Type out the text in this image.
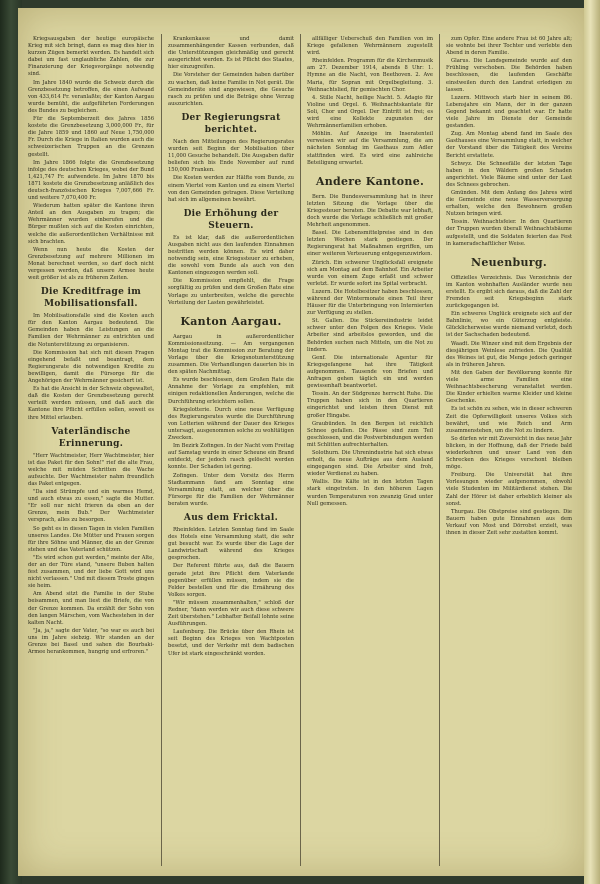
Kriegsausgaben der heutige europäische Krieg mit sich bringt, dann es mag dies hier in kurzen Zügen bemerkt werden. Es handelt sich dabei um fast unglaubliche Zahlen, die zur Finanzierung der Kriegsvorgänge notwendig sind.

Im Jahre 1840 wurde die Schweiz durch die Grenzbesetzung betroffen, die einen Aufwand von 433,614 Fr. veranlaßte; der Kanton Aargau wurde bemüht, die aufgeführten Forderungen des Bundes zu begleichen.

Für die Septemberzeit des Jahres 1856 kostete die Grenzbesetzung 3,000,000 Fr., für die Jahre 1859 und 1860 auf Neue 1,750,000 Fr. Durch die Kriege in Italien wurden auch die schweizerischen Truppen an die Grenzen gestellt.

Im Jahre 1866 folgte die Grenzbesetzung infolge des deutschen Krieges, wobei der Bund 1,421,747 Fr. aufwendete. Im Jahre 1870 bis 1871 kostete die Grenzbesetzung anläßlich des deutsch-französischen Krieges 7,007,666 Fr. und weitere 7,070,400 Fr.

Wiederum hatten später die Kantone ihren Anteil an den Ausgaben zu tragen; die Wehrmänner wurden einberufen und die Bürger mußten sich auf die Kosten einrichten, welche die außerordentlichen Verhältnisse mit sich brachten.

Wenn nun heute die Kosten der Grenzbesetzung auf mehrere Millionen im Monat berechnet werden, so darf doch nicht vergessen werden, daß unsere Armee heute weit größer ist als zu früheren Zeiten.

Die Kreditfrage im Mobilisationsfall.

Im Mobilisationsfalle sind die Kosten auch für den Kanton Aargau bedeutend. Die Gemeinden haben die Leistungen an die Familien der Wehrmänner zu entrichten und die Notunterstützung zu organisieren.

Die Kommission hat sich mit diesen Fragen eingehend befaßt und beantragt, dem Regierungsrate die notwendigen Kredite zu bewilligen, damit die Fürsorge für die Angehörigen der Wehrmänner gesichert ist.

Es hat die Ansicht in der Schweiz obgewaltet, daß die Kosten der Grenzbesetzung gerecht verteilt werden müssen, und daß auch die Kantone ihre Pflicht erfüllen sollen, soweit es ihre Mittel erlauben.

Vaterländische Erinnerung.

"Herr Wachtmeister, Herr Wachtmeister, hier ist das Paket für den Sohn!" rief die alte Frau, welche mit müden Schritten die Wache aufsuchte. Der Wachtmeister nahm freundlich das Paket entgegen.

"Da sind Strümpfe und ein warmes Hemd, und auch etwas zu essen," sagte die Mutter. "Er soll nur nicht frieren da oben an der Grenze, mein Bub." Der Wachtmeister versprach, alles zu besorgen.

So geht es in diesen Tagen in vielen Familien unseres Landes. Die Mütter und Frauen sorgen für ihre Söhne und Männer, die an der Grenze stehen und das Vaterland schützen.

"Es wird schon gut werden," meinte der Alte, der an der Türe stand, "unsere Buben halten fest zusammen, und der liebe Gott wird uns nicht verlassen." Und mit diesem Troste gingen sie heim.

Am Abend sitzt die Familie in der Stube beisammen, und man liest die Briefe, die von der Grenze kommen. Da erzählt der Sohn von den langen Märschen, vom Wachestehen in der kalten Nacht.

"Ja, ja," sagte der Vater, "so war es auch bei uns im Jahre siebzig. Wir standen an der Grenze bei Basel und sahen die Bourbaki-Armee herankommen, hungrig und erfroren."

Krankenkasse und damit zusammenhängender Kassen verbunden, daß die Unterstützungen gleichmäßig und gerecht ausgerichtet werden. Es ist Pflicht des Staates, hier einzugreifen.

Die Vorsteher der Gemeinden haben darüber zu wachen, daß keine Familie in Not gerät. Die Gemeinderäte sind angewiesen, die Gesuche rasch zu prüfen und die Beträge ohne Verzug auszurichten.

Der Regierungsrat berichtet.

Nach den Mitteilungen des Regierungsrates wurden seit Beginn der Mobilisation über 11,000 Gesuche behandelt. Die Ausgaben dafür beliefen sich bis Ende November auf rund 150,000 Franken.

Die Kosten werden zur Hälfte vom Bunde, zu einem Viertel vom Kanton und zu einem Viertel von den Gemeinden getragen. Diese Verteilung hat sich im allgemeinen bewährt.

Die Erhöhung der Steuern.

Es ist klar, daß die außerordentlichen Ausgaben nicht aus den laufenden Einnahmen bestritten werden können. Es wird daher notwendig sein, eine Kriegssteuer zu erheben, die sowohl vom Bunde als auch von den Kantonen eingezogen werden soll.

Die Kommission empfiehlt, die Frage sorgfältig zu prüfen und dem Großen Rate eine Vorlage zu unterbreiten, welche die gerechte Verteilung der Lasten gewährleistet.

Kanton Aargau.

Aargau in außerordentlicher Kommissionssitzung. — Am vergangenen Montag trat die Kommission zur Beratung der Vorlage über die Kriegsnotunterstützung zusammen. Die Verhandlungen dauerten bis in den späten Nachmittag.

Es wurde beschlossen, dem Großen Rate die Annahme der Vorlage zu empfehlen, mit einigen redaktionellen Änderungen, welche die Durchführung erleichtern sollen.

Kriegslotterie. Durch eine neue Verfügung des Regierungsrates wurde die Durchführung von Lotterien während der Dauer des Krieges untersagt, ausgenommen solche zu wohltätigen Zwecken.

Im Bezirk Zofingen. In der Nacht vom Freitag auf Samstag wurde in einer Scheune ein Brand entdeckt, der jedoch rasch gelöscht werden konnte. Der Schaden ist gering.

Zofingen. Unter dem Vorsitz des Herrn Stadtammann fand am Sonntag eine Versammlung statt, an welcher über die Fürsorge für die Familien der Wehrmänner beraten wurde.

Aus dem Fricktal.

Rheinfelden. Letzten Sonntag fand im Saale des Hotels eine Versammlung statt, die sehr gut besucht war. Es wurde über die Lage der Landwirtschaft während des Krieges gesprochen.

Der Referent führte aus, daß die Bauern gerade jetzt ihre Pflicht dem Vaterlande gegenüber erfüllen müssen, indem sie die Felder bestellen und für die Ernährung des Volkes sorgen.

"Wir müssen zusammenhalten," schloß der Redner, "dann werden wir auch diese schwere Zeit überstehen." Lebhafter Beifall lohnte seine Ausführungen.

Laufenburg. Die Brücke über den Rhein ist seit Beginn des Krieges von Wachtposten besetzt, und der Verkehr mit dem badischen Ufer ist stark eingeschränkt worden.

allfälliger Ueberschuß den Familien von im Kriege gefallenen Wehrmännern zugestellt wird.

Rheinfelden. Programm für die Kirchenmusik am 27. Dezember 1914, abends 8 Uhr: 1. Hymne an die Nacht, von Beethoven. 2. Ave Maria, für Sopran mit Orgelbegleitung. 3. Weihnachtslied, für gemischten Chor.

4. Stille Nacht, heilige Nacht. 5. Adagio für Violine und Orgel. 6. Weihnachtskantate für Soli, Chor und Orgel. Der Eintritt ist frei; es wird eine Kollekte zugunsten der Wehrmännerfamilien erhoben.

Möhlin. Auf Anzeige im Inseratenteil verweisen wir auf die Versammlung, die am nächsten Sonntag im Gasthaus zum Adler stattfinden wird. Es wird eine zahlreiche Beteiligung erwartet.

Andere Kantone.

Bern. Die Bundesversammlung hat in ihrer letzten Sitzung die Vorlage über die Kriegssteuer beraten. Die Debatte war lebhaft, doch wurde die Vorlage schließlich mit großer Mehrheit angenommen.

Basel. Die Lebensmittelpreise sind in den letzten Wochen stark gestiegen. Der Regierungsrat hat Maßnahmen ergriffen, um einer weiteren Verteuerung entgegenzuwirken.

Zürich. Ein schwerer Unglücksfall ereignete sich am Montag auf dem Bahnhof. Ein Arbeiter wurde von einem Zuge erfaßt und schwer verletzt. Er wurde sofort ins Spital verbracht.

Luzern. Die Hotelbesitzer haben beschlossen, während der Wintermonate einen Teil ihrer Häuser für die Unterbringung von Internierten zur Verfügung zu stellen.

St. Gallen. Die Stickereiindustrie leidet schwer unter den Folgen des Krieges. Viele Arbeiter sind arbeitslos geworden, und die Behörden suchen nach Mitteln, um die Not zu lindern.

Genf. Die internationale Agentur für Kriegsgefangene hat ihre Tätigkeit aufgenommen. Tausende von Briefen und Anfragen gehen täglich ein und werden gewissenhaft beantwortet.

Tessin. An der Südgrenze herrscht Ruhe. Die Truppen haben sich in den Quartieren eingerichtet und leisten ihren Dienst mit großer Hingabe.

Graubünden. In den Bergen ist reichlich Schnee gefallen. Die Pässe sind zum Teil geschlossen, und die Postverbindungen werden mit Schlitten aufrechterhalten.

Solothurn. Die Uhrenindustrie hat sich etwas erholt, da neue Aufträge aus dem Ausland eingegangen sind. Die Arbeiter sind froh, wieder Verdienst zu haben.

Wallis. Die Kälte ist in den letzten Tagen stark eingetreten. In den höheren Lagen wurden Temperaturen von zwanzig Grad unter Null gemessen.

zum Opfer. Eine andere Frau ist 60 Jahre alt; sie wohnte bei ihrer Tochter und verlebte den Abend in deren Familie.

Glarus. Die Landsgemeinde wurde auf den Frühling verschoben. Die Behörden haben beschlossen, die laufenden Geschäfte einstweilen durch den Landrat erledigen zu lassen.

Luzern. Mittwoch starb hier in seinem 86. Lebensjahre ein Mann, der in der ganzen Gegend bekannt und geachtet war. Er hatte viele Jahre im Dienste der Gemeinde gestanden.

Zug. Am Montag abend fand im Saale des Gasthauses eine Versammlung statt, in welcher der Vorstand über die Tätigkeit des Vereins Bericht erstattete.

Schwyz. Die Schneefälle der letzten Tage haben in den Wäldern großen Schaden angerichtet. Viele Bäume sind unter der Last des Schnees gebrochen.

Gmünden. Mit dem Anfang des Jahres wird die Gemeinde eine neue Wasserversorgung erhalten, welche den Bewohnern großen Nutzen bringen wird.

Tessin. Weihnachtsfeier. In den Quartieren der Truppen wurden überall Weihnachtsbäume aufgestellt, und die Soldaten feierten das Fest in kameradschaftlicher Weise.

Neuenburg.

Offizielles Verzeichnis. Das Verzeichnis der im Kanton wohnhaften Ausländer wurde neu erstellt. Es ergibt sich daraus, daß die Zahl der Fremden seit Kriegsbeginn stark zurückgegangen ist.

Ein schweres Unglück ereignete sich auf der Bahnlinie, wo ein Güterzug entgleiste. Glücklicherweise wurde niemand verletzt, doch ist der Sachschaden bedeutend.

Waadt. Die Winzer sind mit dem Ergebnis der diesjährigen Weinlese zufrieden. Die Qualität des Weines ist gut, die Menge jedoch geringer als in früheren Jahren.

Mit den Gaben der Bevölkerung konnte für viele arme Familien eine Weihnachtsbescherung veranstaltet werden. Die Kinder erhielten warme Kleider und kleine Geschenke.

Es ist schön zu sehen, wie in dieser schweren Zeit die Opferwilligkeit unseres Volkes sich bewährt, und wie Reich und Arm zusammenstehen, um die Not zu lindern.

So dürfen wir mit Zuversicht in das neue Jahr blicken, in der Hoffnung, daß der Friede bald wiederkehren und unser Land von den Schrecken des Krieges verschont bleiben möge.

Freiburg. Die Universität hat ihre Vorlesungen wieder aufgenommen, obwohl viele Studenten im Militärdienst stehen. Die Zahl der Hörer ist daher erheblich kleiner als sonst.

Thurgau. Die Obstpreise sind gestiegen. Die Bauern haben gute Einnahmen aus dem Verkauf von Most und Dörrobst erzielt, was ihnen in dieser Zeit sehr zustatten kommt.
